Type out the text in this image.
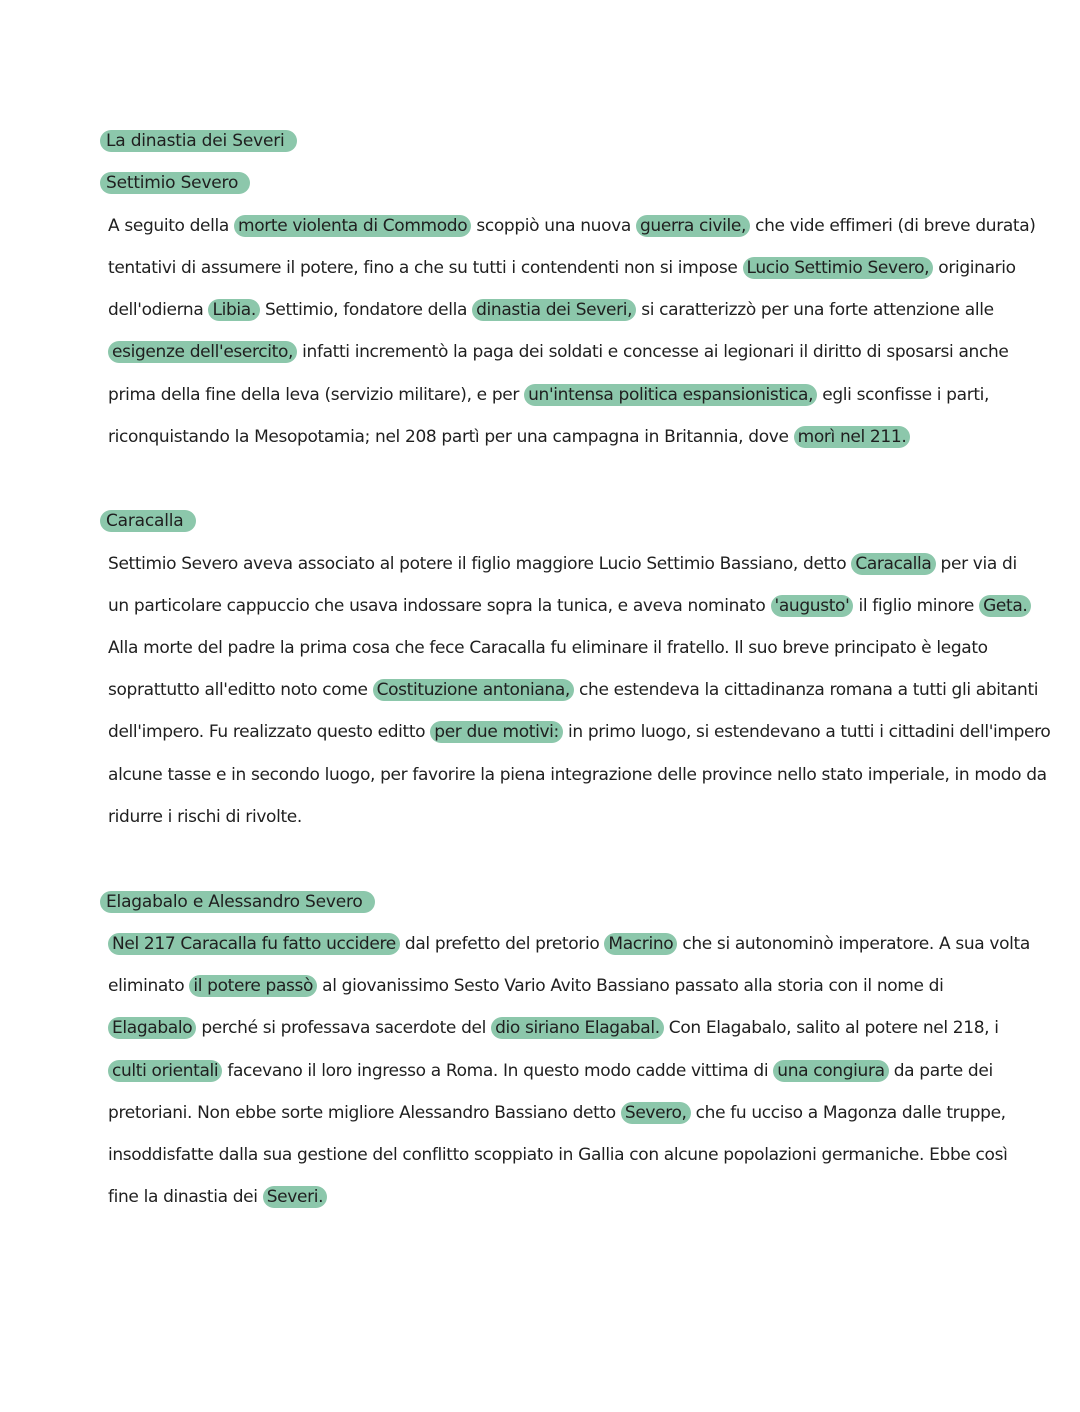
La dinastia dei Severi
Settimio Severo
A seguito della morte violenta di Commodo scoppiò una nuova guerra civile, che vide effimeri (di breve durata)
tentativi di assumere il potere, fino a che su tutti i contendenti non si impose Lucio Settimio Severo, originario
dell'odierna Libia. Settimio, fondatore della dinastia dei Severi, si caratterizzò per una forte attenzione alle
esigenze dell'esercito, infatti incrementò la paga dei soldati e concesse ai legionari il diritto di sposarsi anche
prima della fine della leva (servizio militare), e per un'intensa politica espansionistica, egli sconfisse i parti,
riconquistando la Mesopotamia; nel 208 partì per una campagna in Britannia, dove morì nel 211.
Caracalla
Settimio Severo aveva associato al potere il figlio maggiore Lucio Settimio Bassiano, detto Caracalla per via di
un particolare cappuccio che usava indossare sopra la tunica, e aveva nominato 'augusto' il figlio minore Geta.
Alla morte del padre la prima cosa che fece Caracalla fu eliminare il fratello. Il suo breve principato è legato
soprattutto all'editto noto come Costituzione antoniana, che estendeva la cittadinanza romana a tutti gli abitanti
dell'impero. Fu realizzato questo editto per due motivi: in primo luogo, si estendevano a tutti i cittadini dell'impero
alcune tasse e in secondo luogo, per favorire la piena integrazione delle province nello stato imperiale, in modo da
ridurre i rischi di rivolte.
Elagabalo e Alessandro Severo
Nel 217 Caracalla fu fatto uccidere dal prefetto del pretorio Macrino che si autonominò imperatore. A sua volta
eliminato il potere passò al giovanissimo Sesto Vario Avito Bassiano passato alla storia con il nome di
Elagabalo perché si professava sacerdote del dio siriano Elagabal. Con Elagabalo, salito al potere nel 218, i
culti orientali facevano il loro ingresso a Roma. In questo modo cadde vittima di una congiura da parte dei
pretoriani. Non ebbe sorte migliore Alessandro Bassiano detto Severo, che fu ucciso a Magonza dalle truppe,
insoddisfatte dalla sua gestione del conflitto scoppiato in Gallia con alcune popolazioni germaniche. Ebbe così
fine la dinastia dei Severi.
